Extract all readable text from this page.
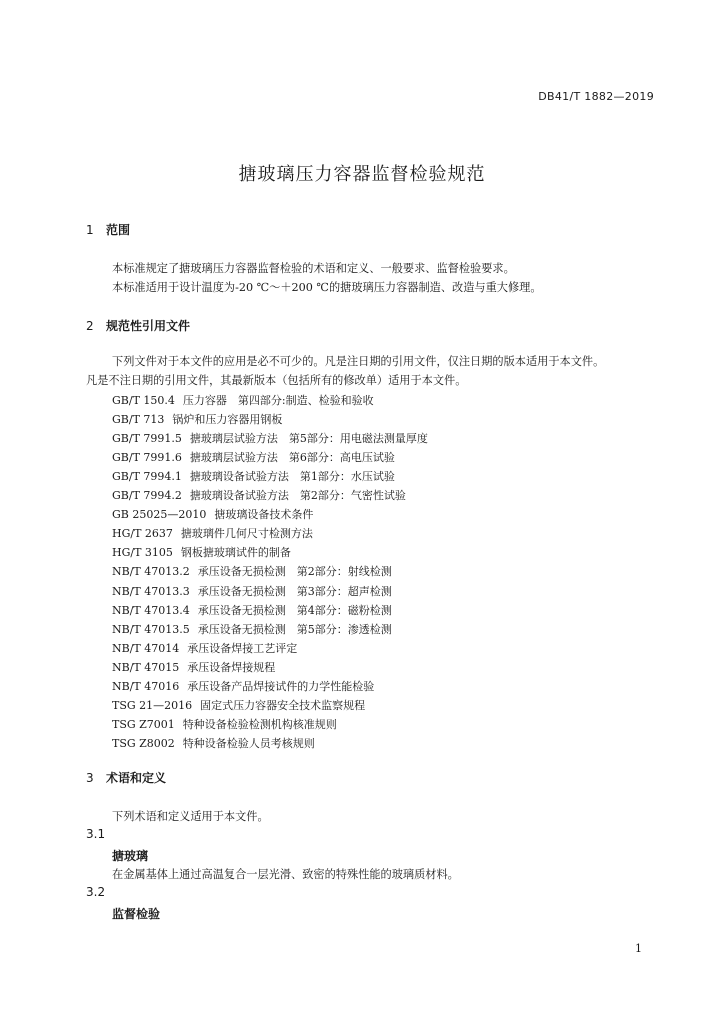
DB41/T 1882—2019
搪玻璃压力容器监督检验规范
1 范围
本标准规定了搪玻璃压力容器监督检验的术语和定义、一般要求、监督检验要求。
本标准适用于设计温度为-20 ℃～＋200 ℃的搪玻璃压力容器制造、改造与重大修理。
2 规范性引用文件
下列文件对于本文件的应用是必不可少的。凡是注日期的引用文件，仅注日期的版本适用于本文件。
凡是不注日期的引用文件，其最新版本（包括所有的修改单）适用于本文件。
GB/T 150.4 压力容器　第四部分:制造、检验和验收
GB/T 713 锅炉和压力容器用钢板
GB/T 7991.5 搪玻璃层试验方法　第5部分：用电磁法测量厚度
GB/T 7991.6 搪玻璃层试验方法　第6部分：高电压试验
GB/T 7994.1 搪玻璃设备试验方法　第1部分：水压试验
GB/T 7994.2 搪玻璃设备试验方法　第2部分：气密性试验
GB 25025—2010 搪玻璃设备技术条件
HG/T 2637 搪玻璃件几何尺寸检测方法
HG/T 3105 钢板搪玻璃试件的制备
NB/T 47013.2 承压设备无损检测　第2部分：射线检测
NB/T 47013.3 承压设备无损检测　第3部分：超声检测
NB/T 47013.4 承压设备无损检测　第4部分：磁粉检测
NB/T 47013.5 承压设备无损检测　第5部分：渗透检测
NB/T 47014 承压设备焊接工艺评定
NB/T 47015 承压设备焊接规程
NB/T 47016 承压设备产品焊接试件的力学性能检验
TSG 21—2016 固定式压力容器安全技术监察规程
TSG Z7001 特种设备检验检测机构核准规则
TSG Z8002 特种设备检验人员考核规则
3 术语和定义
下列术语和定义适用于本文件。
3.1
搪玻璃
在金属基体上通过高温复合一层光滑、致密的特殊性能的玻璃质材料。
3.2
监督检验
1
